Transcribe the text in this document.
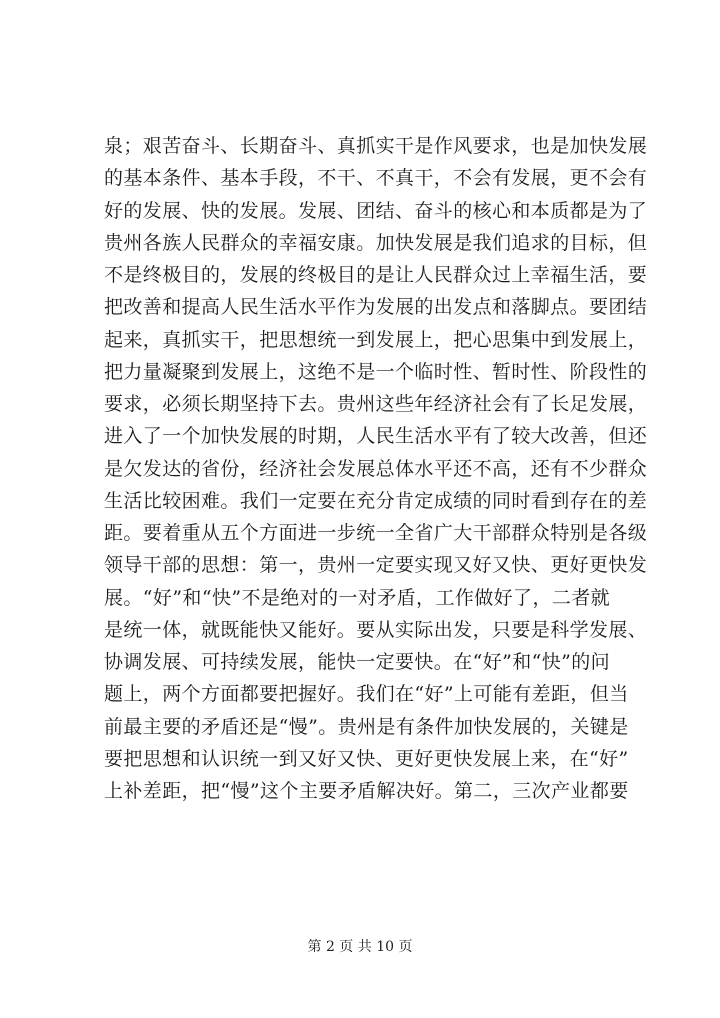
泉；艰苦奋斗、长期奋斗、真抓实干是作风要求，也是加快发展
的基本条件、基本手段，不干、不真干，不会有发展，更不会有
好的发展、快的发展。发展、团结、奋斗的核心和本质都是为了
贵州各族人民群众的幸福安康。加快发展是我们追求的目标，但
不是终极目的，发展的终极目的是让人民群众过上幸福生活，要
把改善和提高人民生活水平作为发展的出发点和落脚点。要团结
起来，真抓实干，把思想统一到发展上，把心思集中到发展上，
把力量凝聚到发展上，这绝不是一个临时性、暂时性、阶段性的
要求，必须长期坚持下去。贵州这些年经济社会有了长足发展，
进入了一个加快发展的时期，人民生活水平有了较大改善，但还
是欠发达的省份，经济社会发展总体水平还不高，还有不少群众
生活比较困难。我们一定要在充分肯定成绩的同时看到存在的差
距。要着重从五个方面进一步统一全省广大干部群众特别是各级
领导干部的思想：第一，贵州一定要实现又好又快、更好更快发
展。“好”和“快”不是绝对的一对矛盾，工作做好了，二者就
是统一体，就既能快又能好。要从实际出发，只要是科学发展、
协调发展、可持续发展，能快一定要快。在“好”和“快”的问
题上，两个方面都要把握好。我们在“好”上可能有差距，但当
前最主要的矛盾还是“慢”。贵州是有条件加快发展的，关键是
要把思想和认识统一到又好又快、更好更快发展上来，在“好”
上补差距，把“慢”这个主要矛盾解决好。第二，三次产业都要
第 2 页 共 10 页
